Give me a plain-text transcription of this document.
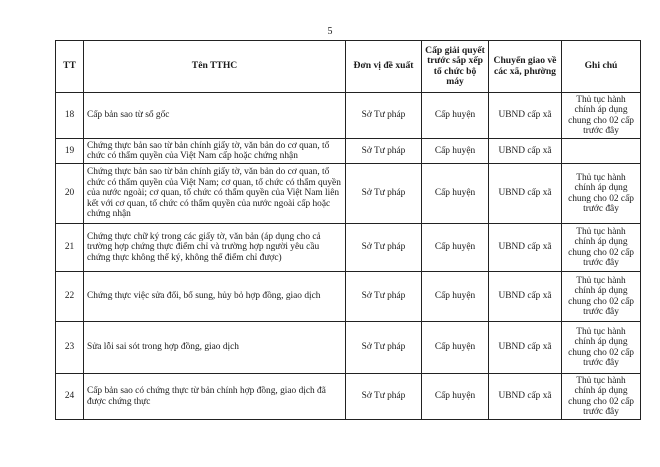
5
TT	Tên TTHC	Đơn vị đề xuất	Cấp giải quyết trước sắp xếp tổ chức bộ máy	Chuyển giao về các xã, phường	Ghi chú
18	Cấp bản sao từ sổ gốc	Sở Tư pháp	Cấp huyện	UBND cấp xã	Thủ tục hành chính áp dụng chung cho 02 cấp trước đây
19	Chứng thực bản sao từ bản chính giấy tờ, văn bản do cơ quan, tổ chức có thẩm quyền của Việt Nam cấp hoặc chứng nhận	Sở Tư pháp	Cấp huyện	UBND cấp xã	
20	Chứng thực bản sao từ bản chính giấy tờ, văn bản do cơ quan, tổ chức có thẩm quyền của Việt Nam; cơ quan, tổ chức có thẩm quyền của nước ngoài; cơ quan, tổ chức có thẩm quyền của Việt Nam liên kết với cơ quan, tổ chức có thẩm quyền của nước ngoài cấp hoặc chứng nhận	Sở Tư pháp	Cấp huyện	UBND cấp xã	Thủ tục hành chính áp dụng chung cho 02 cấp trước đây
21	Chứng thực chữ ký trong các giấy tờ, văn bản (áp dụng cho cả trường hợp chứng thực điểm chỉ và trường hợp người yêu cầu chứng thực không thể ký, không thể điểm chỉ được)	Sở Tư pháp	Cấp huyện	UBND cấp xã	Thủ tục hành chính áp dụng chung cho 02 cấp trước đây
22	Chứng thực việc sửa đổi, bổ sung, hủy bỏ hợp đồng, giao dịch	Sở Tư pháp	Cấp huyện	UBND cấp xã	Thủ tục hành chính áp dụng chung cho 02 cấp trước đây
23	Sửa lỗi sai sót trong hợp đồng, giao dịch	Sở Tư pháp	Cấp huyện	UBND cấp xã	Thủ tục hành chính áp dụng chung cho 02 cấp trước đây
24	Cấp bản sao có chứng thực từ bản chính hợp đồng, giao dịch đã được chứng thực	Sở Tư pháp	Cấp huyện	UBND cấp xã	Thủ tục hành chính áp dụng chung cho 02 cấp trước đây
